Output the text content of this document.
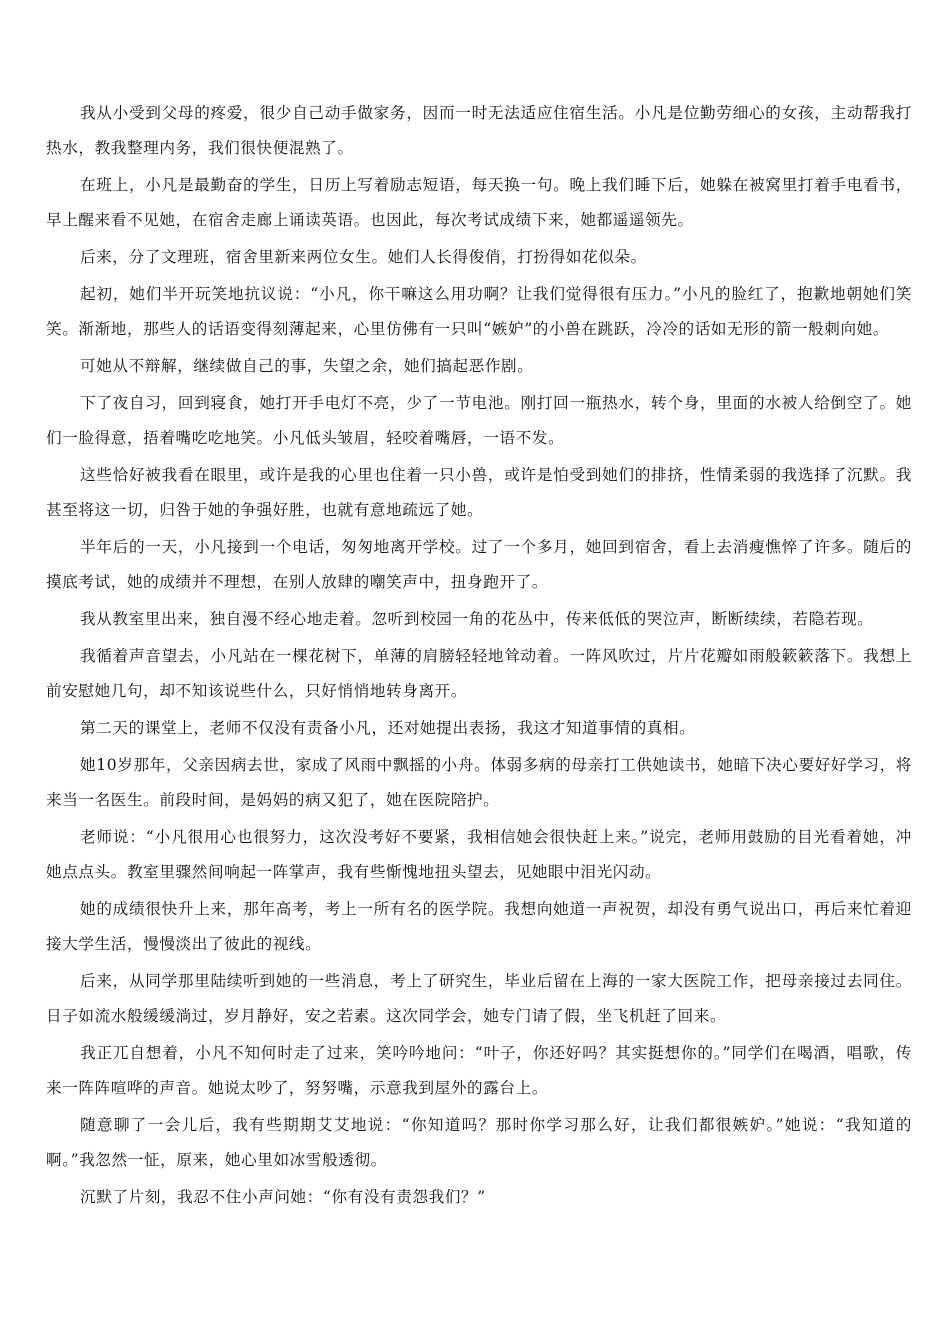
我从小受到父母的疼爱，很少自己动手做家务，因而一时无法适应住宿生活。小凡是位勤劳细心的女孩，主动帮我打热水，教我整理内务，我们很快便混熟了。

在班上，小凡是最勤奋的学生，日历上写着励志短语，每天换一句。晚上我们睡下后，她躲在被窝里打着手电看书，早上醒来看不见她，在宿舍走廊上诵读英语。也因此，每次考试成绩下来，她都遥遥领先。

后来，分了文理班，宿舍里新来两位女生。她们人长得俊俏，打扮得如花似朵。

起初，她们半开玩笑地抗议说：“小凡，你干嘛这么用功啊？让我们觉得很有压力。”小凡的脸红了，抱歉地朝她们笑笑。渐渐地，那些人的话语变得刻薄起来，心里仿佛有一只叫“嫉妒”的小兽在跳跃，冷冷的话如无形的箭一般刺向她。

可她从不辩解，继续做自己的事，失望之余，她们搞起恶作剧。

下了夜自习，回到寝食，她打开手电灯不亮，少了一节电池。刚打回一瓶热水，转个身，里面的水被人给倒空了。她们一脸得意，捂着嘴吃吃地笑。小凡低头皱眉，轻咬着嘴唇，一语不发。

这些恰好被我看在眼里，或许是我的心里也住着一只小兽，或许是怕受到她们的排挤，性情柔弱的我选择了沉默。我甚至将这一切，归咎于她的争强好胜，也就有意地疏远了她。

半年后的一天，小凡接到一个电话，匆匆地离开学校。过了一个多月，她回到宿舍，看上去消瘦憔悴了许多。随后的摸底考试，她的成绩并不理想，在别人放肆的嘲笑声中，扭身跑开了。

我从教室里出来，独自漫不经心地走着。忽听到校园一角的花丛中，传来低低的哭泣声，断断续续，若隐若现。

我循着声音望去，小凡站在一棵花树下，单薄的肩膀轻轻地耸动着。一阵风吹过，片片花瓣如雨般簌簌落下。我想上前安慰她几句，却不知该说些什么，只好悄悄地转身离开。

第二天的课堂上，老师不仅没有责备小凡，还对她提出表扬，我这才知道事情的真相。

她10岁那年，父亲因病去世，家成了风雨中飘摇的小舟。体弱多病的母亲打工供她读书，她暗下决心要好好学习，将来当一名医生。前段时间，是妈妈的病又犯了，她在医院陪护。

老师说：“小凡很用心也很努力，这次没考好不要紧，我相信她会很快赶上来。”说完，老师用鼓励的目光看着她，冲她点点头。教室里骤然间响起一阵掌声，我有些惭愧地扭头望去，见她眼中泪光闪动。

她的成绩很快升上来，那年高考，考上一所有名的医学院。我想向她道一声祝贺，却没有勇气说出口，再后来忙着迎接大学生活，慢慢淡出了彼此的视线。

后来，从同学那里陆续听到她的一些消息，考上了研究生，毕业后留在上海的一家大医院工作，把母亲接过去同住。日子如流水般缓缓淌过，岁月静好，安之若素。这次同学会，她专门请了假，坐飞机赶了回来。

我正兀自想着，小凡不知何时走了过来，笑吟吟地问：“叶子，你还好吗？其实挺想你的。”同学们在喝酒，唱歌，传来一阵阵喧哗的声音。她说太吵了，努努嘴，示意我到屋外的露台上。

随意聊了一会儿后，我有些期期艾艾地说：“你知道吗？那时你学习那么好，让我们都很嫉妒。”她说：“我知道的啊。”我忽然一怔，原来，她心里如冰雪般透彻。

沉默了片刻，我忍不住小声问她：“你有没有责怨我们？”
